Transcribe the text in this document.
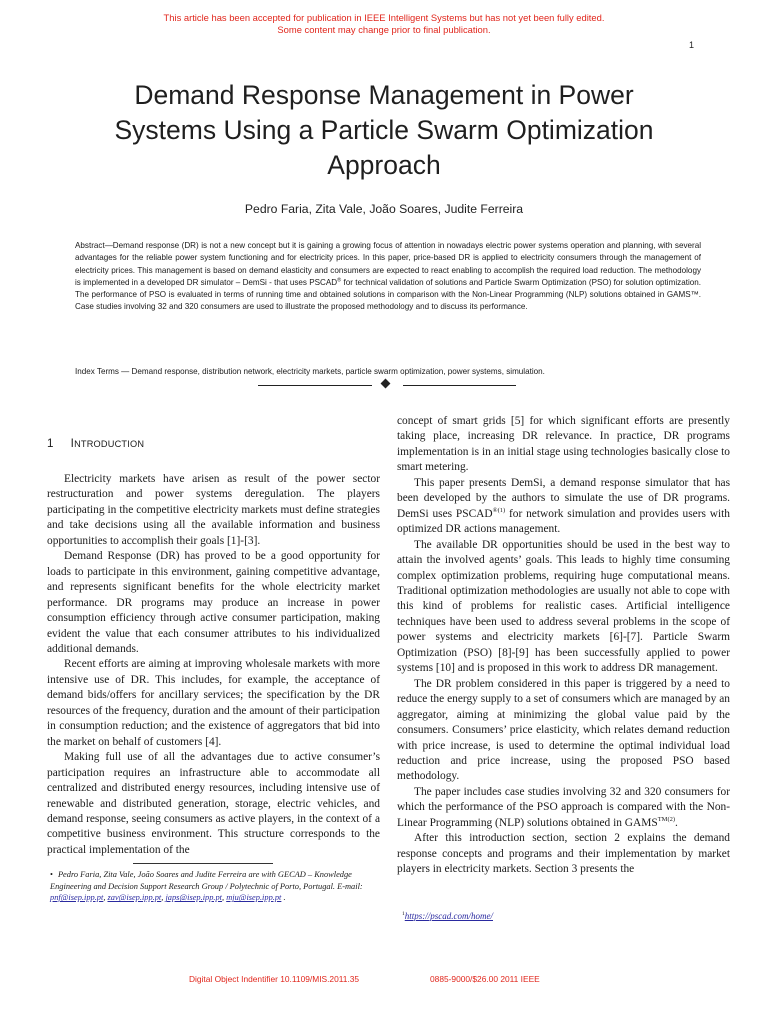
This article has been accepted for publication in IEEE Intelligent Systems but has not yet been fully edited.
Some content may change prior to final publication.
1
Demand Response Management in Power
Systems Using a Particle Swarm Optimization
Approach
Pedro Faria, Zita Vale, João Soares, Judite Ferreira
Abstract—Demand response (DR) is not a new concept but it is gaining a growing focus of attention in nowadays electric power systems operation and planning, with several advantages for the reliable power system functioning and for electricity prices. In this paper, price-based DR is applied to electricity consumers through the management of electricity prices. This management is based on demand elasticity and consumers are expected to react enabling to accomplish the required load reduction. The methodology is implemented in a developed DR simulator – DemSi - that uses PSCAD® for technical validation of solutions and Particle Swarm Optimization (PSO) for solution optimization. The performance of PSO is evaluated in terms of running time and obtained solutions in comparison with the Non-Linear Programming (NLP) solutions obtained in GAMS™. Case studies involving 32 and 320 consumers are used to illustrate the proposed methodology and to discuss its performance.
Index Terms — Demand response, distribution network, electricity markets, particle swarm optimization, power systems, simulation.
1 INTRODUCTION

Electricity markets have arisen as result of the power sector restructuration and power systems deregulation. The players participating in the competitive electricity markets must define strategies and take decisions using all the available information and business opportunities to accomplish their goals [1]-[3].

Demand Response (DR) has proved to be a good opportunity for loads to participate in this environment, gaining competitive advantage, and represents significant benefits for the whole electricity market performance. DR programs may produce an increase in power consumption efficiency through active consumer participation, making evident the value that each consumer attributes to his individualized additional demands.

Recent efforts are aiming at improving wholesale markets with more intensive use of DR. This includes, for example, the acceptance of demand bids/offers for ancillary services; the specification by the DR resources of the frequency, duration and the amount of their participation in consumption reduction; and the existence of aggregators that bid into the market on behalf of customers [4].

Making full use of all the advantages due to active consumer’s participation requires an infrastructure able to accommodate all centralized and distributed energy resources, including intensive use of renewable and distributed generation, storage, electric vehicles, and demand response, seeing consumers as active players, in the context of a competitive business environment. This structure corresponds to the practical implementation of the

concept of smart grids [5] for which significant efforts are presently taking place, increasing DR relevance. In practice, DR programs implementation is in an initial stage using technologies basically close to smart metering.

This paper presents DemSi, a demand response simulator that has been developed by the authors to simulate the use of DR programs. DemSi uses $PSCAD^{®(1)}$ for network simulation and provides users with optimized DR actions management.

The available DR opportunities should be used in the best way to attain the involved agents’ goals. This leads to highly time consuming complex optimization problems, requiring huge computational means. Traditional optimization methodologies are usually not able to cope with this kind of problems for realistic cases. Artificial intelligence techniques have been used to address several problems in the scope of power systems and electricity markets [6]-[7]. Particle Swarm Optimization (PSO) [8]-[9] has been successfully applied to power systems [10] and is proposed in this work to address DR management.

The DR problem considered in this paper is triggered by a need to reduce the energy supply to a set of consumers which are managed by an aggregator, aiming at minimizing the global value paid by the consumers. Consumers’ price elasticity, which relates demand reduction with price increase, is used to determine the optimal individual load reduction and price increase, using the proposed PSO based methodology.

The paper includes case studies involving 32 and 320 consumers for which the performance of the PSO approach is compared with the Non-Linear Programming (NLP) solutions obtained in $GAMS^{TM(2)}$.

After this introduction section, section 2 explains the demand response concepts and programs and their implementation by market players in electricity markets. Section 3 presents the

• Pedro Faria, Zita Vale, João Soares and Judite Ferreira are with GECAD – Knowledge Engineering and Decision Support Research Group / Polytechnic of Porto, Portugal. E-mail: pnf@isep.ipp.pt, zav@isep.ipp.pt, japs@isep.ipp.pt, mju@isep.ipp.pt .
$^1$https://pscad.com/home/
Digital Object Indentifier 10.1109/MIS.2011.35	0885-9000/$26.00 2011 IEEE
